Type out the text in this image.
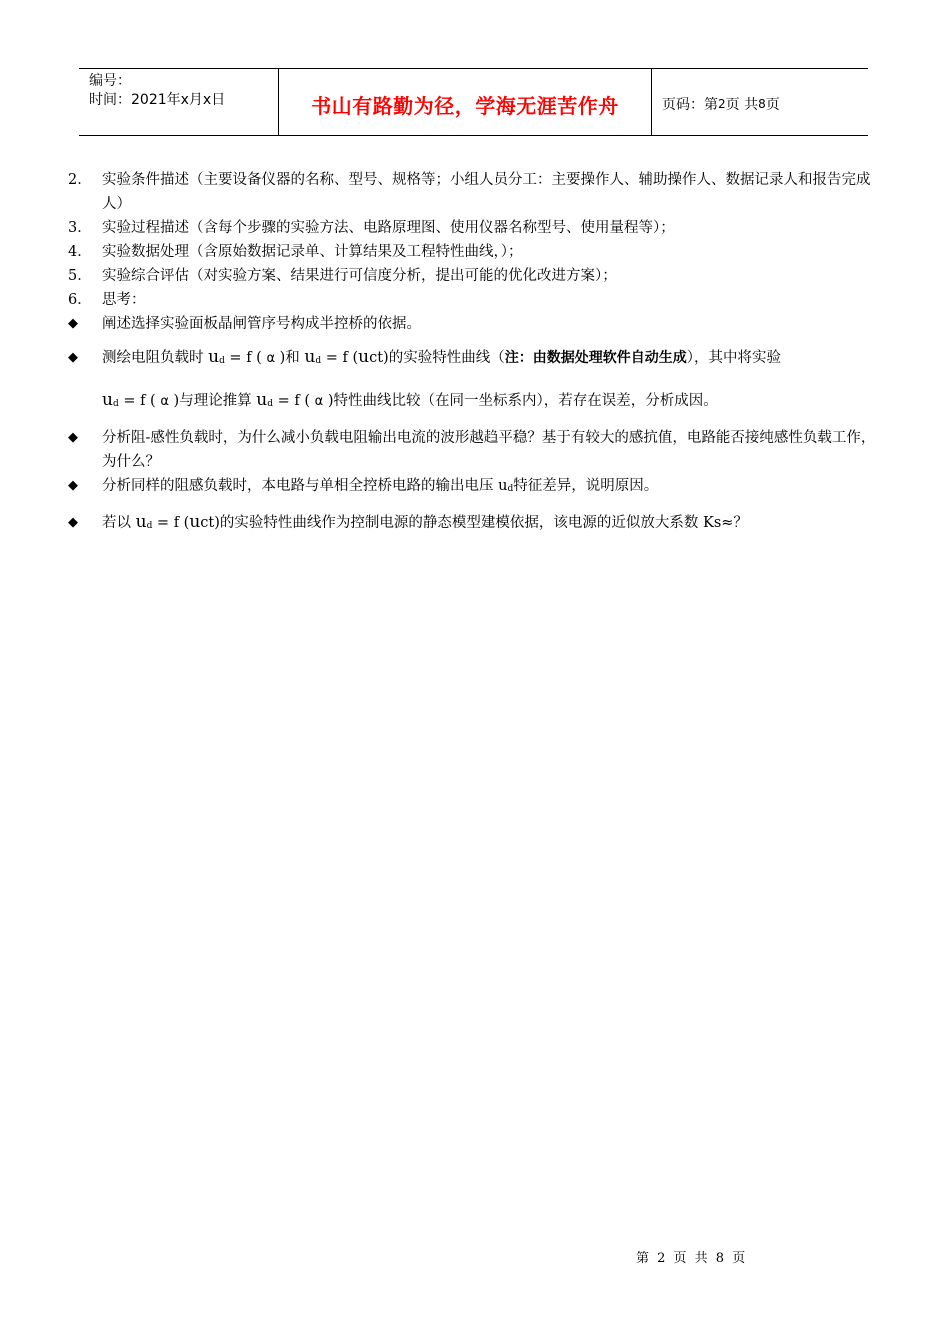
编号：
时间：2021年x月x日	书山有路勤为径，学海无涯苦作舟	页码：第 2 页 共 8 页
2． 实验条件描述（主要设备仪器的名称、型号、规格等；小组人员分工：主要操作人、辅助操作人、数据记录人和报告完成人）
3． 实验过程描述（含每个步骤的实验方法、电路原理图、使用仪器名称型号、使用量程等）；
4． 实验数据处理（含原始数据记录单、计算结果及工程特性曲线，）；
5． 实验综合评估（对实验方案、结果进行可信度分析，提出可能的优化改进方案）；
6． 思考：
◆ 阐述选择实验面板晶闸管序号构成半控桥的依据。
◆ 测绘电阻负载时 ud = f ( α )和 ud = f (uct)的实验特性曲线（注：由数据处理软件自动生成），其中将实验
ud = f ( α )与理论推算 ud = f ( α )特性曲线比较（在同一坐标系内），若存在误差，分析成因。
◆ 分析阻-感性负载时，为什么减小负载电阻输出电流的波形越趋平稳？基于有较大的感抗值，电路能否接纯感性负载工作，为什么？
◆ 分析同样的阻感负载时，本电路与单相全控桥电路的输出电压 ud特征差异，说明原因。
◆ 若以 ud = f (uct)的实验特性曲线作为控制电源的静态模型建模依据，该电源的近似放大系数 Ks≈？
第 2 页 共 8 页
